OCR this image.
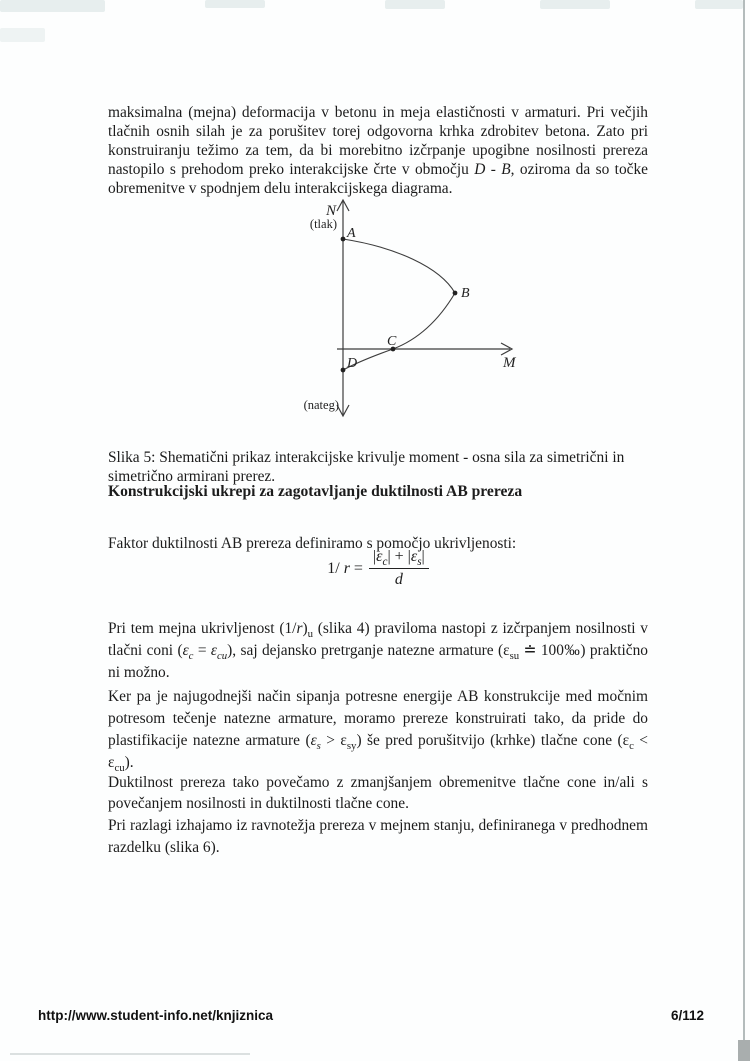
maksimalna (mejna) deformacija v betonu in meja elastičnosti v armaturi. Pri večjih tlačnih osnih silah je za porušitev torej odgovorna krhka zdrobitev betona. Zato pri konstruiranju težimo za tem, da bi morebitno izčrpanje upogibne nosilnosti prereza nastopilo s prehodom preko interakcijske črte v območju D - B, oziroma da so točke obremenitve v spodnjem delu interakcijskega diagrama.

N
(tlak)
(nateg)
M
A
B
C
D

Slika 5: Shematični prikaz interakcijske krivulje moment - osna sila za simetrični in simetrično armirani prerez.

Konstrukcijski ukrepi za zagotavljanje duktilnosti AB prereza

Faktor duktilnosti AB prereza definiramo s pomočjo ukrivljenosti:

1/ $r = \frac{|\varepsilon_c| + |\varepsilon_s|}{d}$

Pri tem mejna ukrivljenost $(1/r)_u$ (slika 4) praviloma nastopi z izčrpanjem nosilnosti v tlačni coni $(\varepsilon_c = \varepsilon_{cu})$, saj dejansko pretrganje natezne armature ($\varepsilon_{su}$ ≐ 100‰) praktično ni možno.

Ker pa je najugodnejši način sipanja potresne energije AB konstrukcije med močnim potresom tečenje natezne armature, moramo prereze konstruirati tako, da pride do plastifikacije natezne armature $(\varepsilon_s > \varepsilon_{sy})$ še pred porušitvijo (krhke) tlačne cone $(\varepsilon_c < \varepsilon_{cu})$.

Duktilnost prereza tako povečamo z zmanjšanjem obremenitve tlačne cone in/ali s povečanjem nosilnosti in duktilnosti tlačne cone.

Pri razlagi izhajamo iz ravnotežja prereza v mejnem stanju, definiranega v predhodnem razdelku (slika 6).

http://www.student-info.net/knjiznica	6/112
